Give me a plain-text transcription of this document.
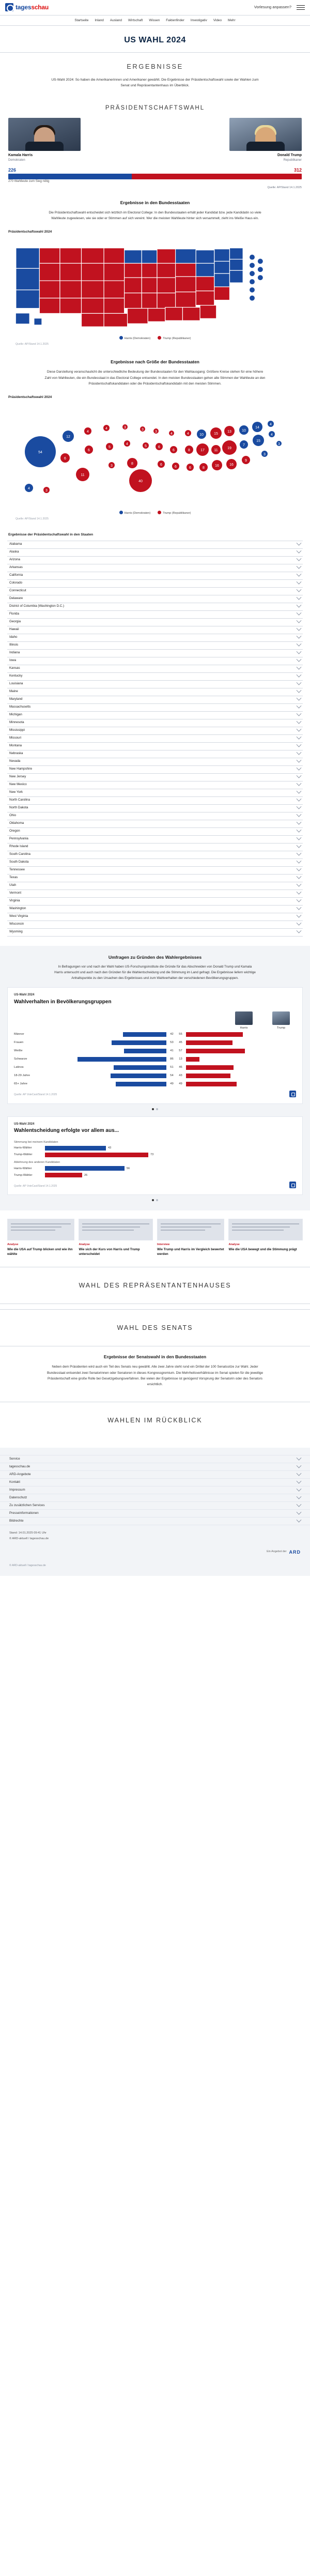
tagesschau	Vorlesung anpassen?
Startseite Inland Ausland Wirtschaft Wissen Faktenfinder Investigativ Video Mehr
US WAHL 2024
ERGEBNISSE

US-Wahl 2024: So haben die Amerikanerinnen und Amerikaner gewählt. Die Ergebnisse der Präsidentschaftswahl sowie der Wahlen zum Senat und Repräsentantenhaus im Überblick.

PRÄSIDENTSCHAFTSWAHL
Kamala Harris
Demokraten
Donald Trump
Republikaner
226	312
270 Wahlleute zum Sieg nötig
Quelle: AP/Stand 14.1.2025
Ergebnisse in den Bundesstaaten

Die Präsidentschaftswahl entscheidet sich letztlich im Electoral College: In den Bundesstaaten erhält jeder Kandidat bzw. jede Kandidatin so viele Wahlleute zugewiesen, wie sie oder er Stimmen auf sich vereint. Wer die meisten Wahlleute hinter sich versammelt, zieht ins Weiße Haus ein.

Präsidentschaftswahl 2024
Harris (Demokraten)	Trump (Republikaner)
Quelle: AP/Stand 14.1.2025
Ergebnisse nach Größe der Bundesstaaten

Diese Darstellung veranschaulicht die unterschiedliche Bedeutung der Bundesstaaten für den Wahlausgang: Größere Kreise stehen für eine höhere Zahl von Wahlleuten, die ein Bundesstaat in das Electoral College entsendet. In den meisten Bundesstaaten gehen alle Stimmen der Wahlleute an den Präsidentschaftskandidaten oder die Präsidentschaftskandidatin mit den meisten Stimmen.

Präsidentschaftswahl 2024
54
12
6
11
6
4
4
5
3
3
4
8
40
3
5
3
6
6
4
6
6
4
8
6
10
17
8
15
11
16
13
19
16
10
7
9
14
15
3
4
4
3
4
3
Harris (Demokraten)	Trump (Republikaner)
Quelle: AP/Stand 14.1.2025
Ergebnisse der Präsidentschaftswahl in den Staaten
Alabama
Alaska
Arizona
Arkansas
California
Colorado
Connecticut
Delaware
District of Columbia (Washington D.C.)
Florida
Georgia
Hawaii
Idaho
Illinois
Indiana
Iowa
Kansas
Kentucky
Louisiana
Maine
Maryland
Massachusetts
Michigan
Minnesota
Mississippi
Missouri
Montana
Nebraska
Nevada
New Hampshire
New Jersey
New Mexico
New York
North Carolina
North Dakota
Ohio
Oklahoma
Oregon
Pennsylvania
Rhode Island
South Carolina
South Dakota
Tennessee
Texas
Utah
Vermont
Virginia
Washington
West Virginia
Wisconsin
Wyoming
Umfragen zu Gründen des Wahlergebnisses

In Befragungen vor und nach der Wahl haben US-Forschungsinstitute die Gründe für das Abschneiden von Donald Trump und Kamala Harris untersucht und auch nach den Gründen für die Wahlentscheidung und die Stimmung im Land gefragt. Die Ergebnisse liefern wichtige Anhaltspunkte zu den Ursachen des Ergebnisses und zum Wahlverhalten der verschiedenen Bevölkerungsgruppen.

US-Wahl 2024
Wahlverhalten in Bevölkerungsgruppen
Harris	Trump
Männer	42	55
Frauen	53	45
Weiße	41	57
Schwarze	86	13
Latinos	51	46
18-29 Jahre	54	43
65+ Jahre	49	49
Quelle: AP VoteCast/Stand 14.1.2025
US-Wahl 2024
Wahlentscheidung erfolgte vor allem aus...
Stimmung bei meinem Kandidaten
Harris-Wähler	43
Trump-Wähler	73
Ablehnung des anderen Kandidaten
Harris-Wähler	56
Trump-Wähler	26
Quelle: AP VoteCast/Stand 14.1.2025
Analyse
Wie die USA auf Trump blicken und wie ihn wählte
Analyse
Wie sich der Kurs von Harris und Trump unterscheidet
Interview
Wie Trump und Harris im Vergleich bewertet werden
Analyse
Wie die USA bewegt und die Stimmung prägt
WAHL DES REPRÄSENTANTENHAUSES
WAHL DES SENATS
Ergebnisse der Senatswahl in den Bundesstaaten

Neben dem Präsidenten wird auch ein Teil des Senats neu gewählt. Alle zwei Jahre steht rund ein Drittel der 100 Senatssitze zur Wahl. Jeder Bundesstaat entsendet zwei Senatorinnen oder Senatoren in dieses Kongressgremium. Die Mehrheitsverhältnisse im Senat spielen für die jeweilige Präsidentschaft eine große Rolle bei Gesetzgebungsverfahren. Bei vielen der Ergebnisse ist genügend Vorsprung der Senatorin oder des Senators ersichtlich.

WAHLEN IM RÜCKBLICK
Service
tagesschau.de
ARD-Angebote
Kontakt
Impressum
Datenschutz
Zu zusätzlichen Services
Presseinformationen
Bildrechte
Stand: 14.01.2025 09:41 Uhr
© ARD-aktuell / tagesschau.de
Ein Angebot der ARD
© ARD-aktuell / tagesschau.de
